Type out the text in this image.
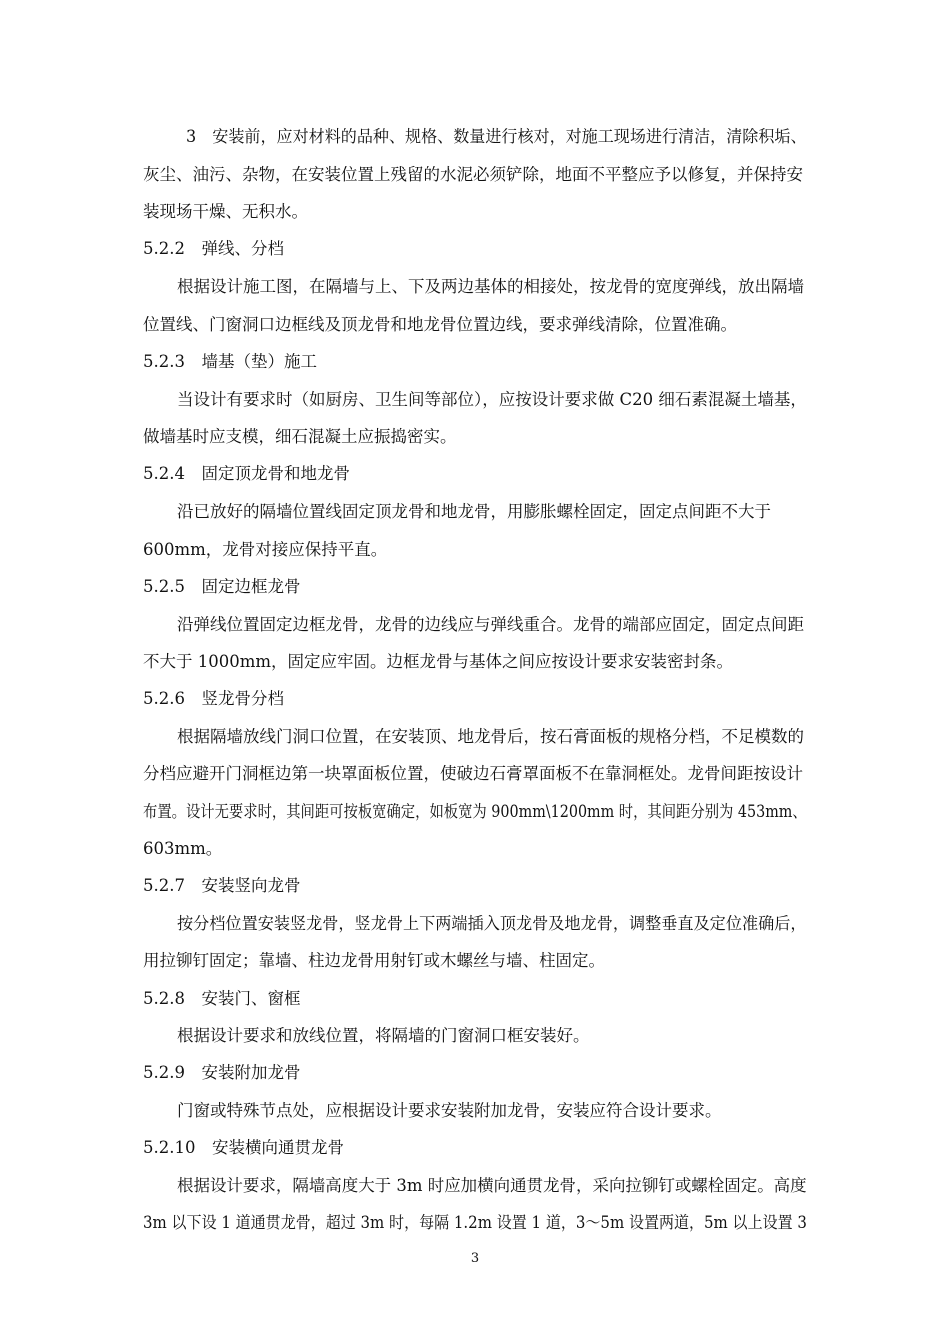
3　安装前，应对材料的品种、规格、数量进行核对，对施工现场进行清洁，清除积垢、
灰尘、油污、杂物，在安装位置上残留的水泥必须铲除，地面不平整应予以修复，并保持安
装现场干燥、无积水。
5.2.2　弹线、分档
根据设计施工图，在隔墙与上、下及两边基体的相接处，按龙骨的宽度弹线，放出隔墙
位置线、门窗洞口边框线及顶龙骨和地龙骨位置边线，要求弹线清除，位置准确。
5.2.3　墙基（垫）施工
当设计有要求时（如厨房、卫生间等部位），应按设计要求做 C20 细石素混凝土墙基，
做墙基时应支模，细石混凝土应振捣密实。
5.2.4　固定顶龙骨和地龙骨
沿已放好的隔墙位置线固定顶龙骨和地龙骨，用膨胀螺栓固定，固定点间距不大于
600mm，龙骨对接应保持平直。
5.2.5　固定边框龙骨
沿弹线位置固定边框龙骨，龙骨的边线应与弹线重合。龙骨的端部应固定，固定点间距
不大于 1000mm，固定应牢固。边框龙骨与基体之间应按设计要求安装密封条。
5.2.6　竖龙骨分档
根据隔墙放线门洞口位置，在安装顶、地龙骨后，按石膏面板的规格分档，不足模数的
分档应避开门洞框边第一块罩面板位置，使破边石膏罩面板不在靠洞框处。龙骨间距按设计
布置。设计无要求时，其间距可按板宽确定，如板宽为 900mm\1200mm 时，其间距分别为 453mm、
603mm。
5.2.7　安装竖向龙骨
按分档位置安装竖龙骨，竖龙骨上下两端插入顶龙骨及地龙骨，调整垂直及定位准确后，
用拉铆钉固定；靠墙、柱边龙骨用射钉或木螺丝与墙、柱固定。
5.2.8　安装门、窗框
根据设计要求和放线位置，将隔墙的门窗洞口框安装好。
5.2.9　安装附加龙骨
门窗或特殊节点处，应根据设计要求安装附加龙骨，安装应符合设计要求。
5.2.10　安装横向通贯龙骨
根据设计要求，隔墙高度大于 3m 时应加横向通贯龙骨，采向拉铆钉或螺栓固定。高度
3m 以下设 1 道通贯龙骨，超过 3m 时，每隔 1.2m 设置 1 道，3～5m 设置两道，5m 以上设置 3
3
